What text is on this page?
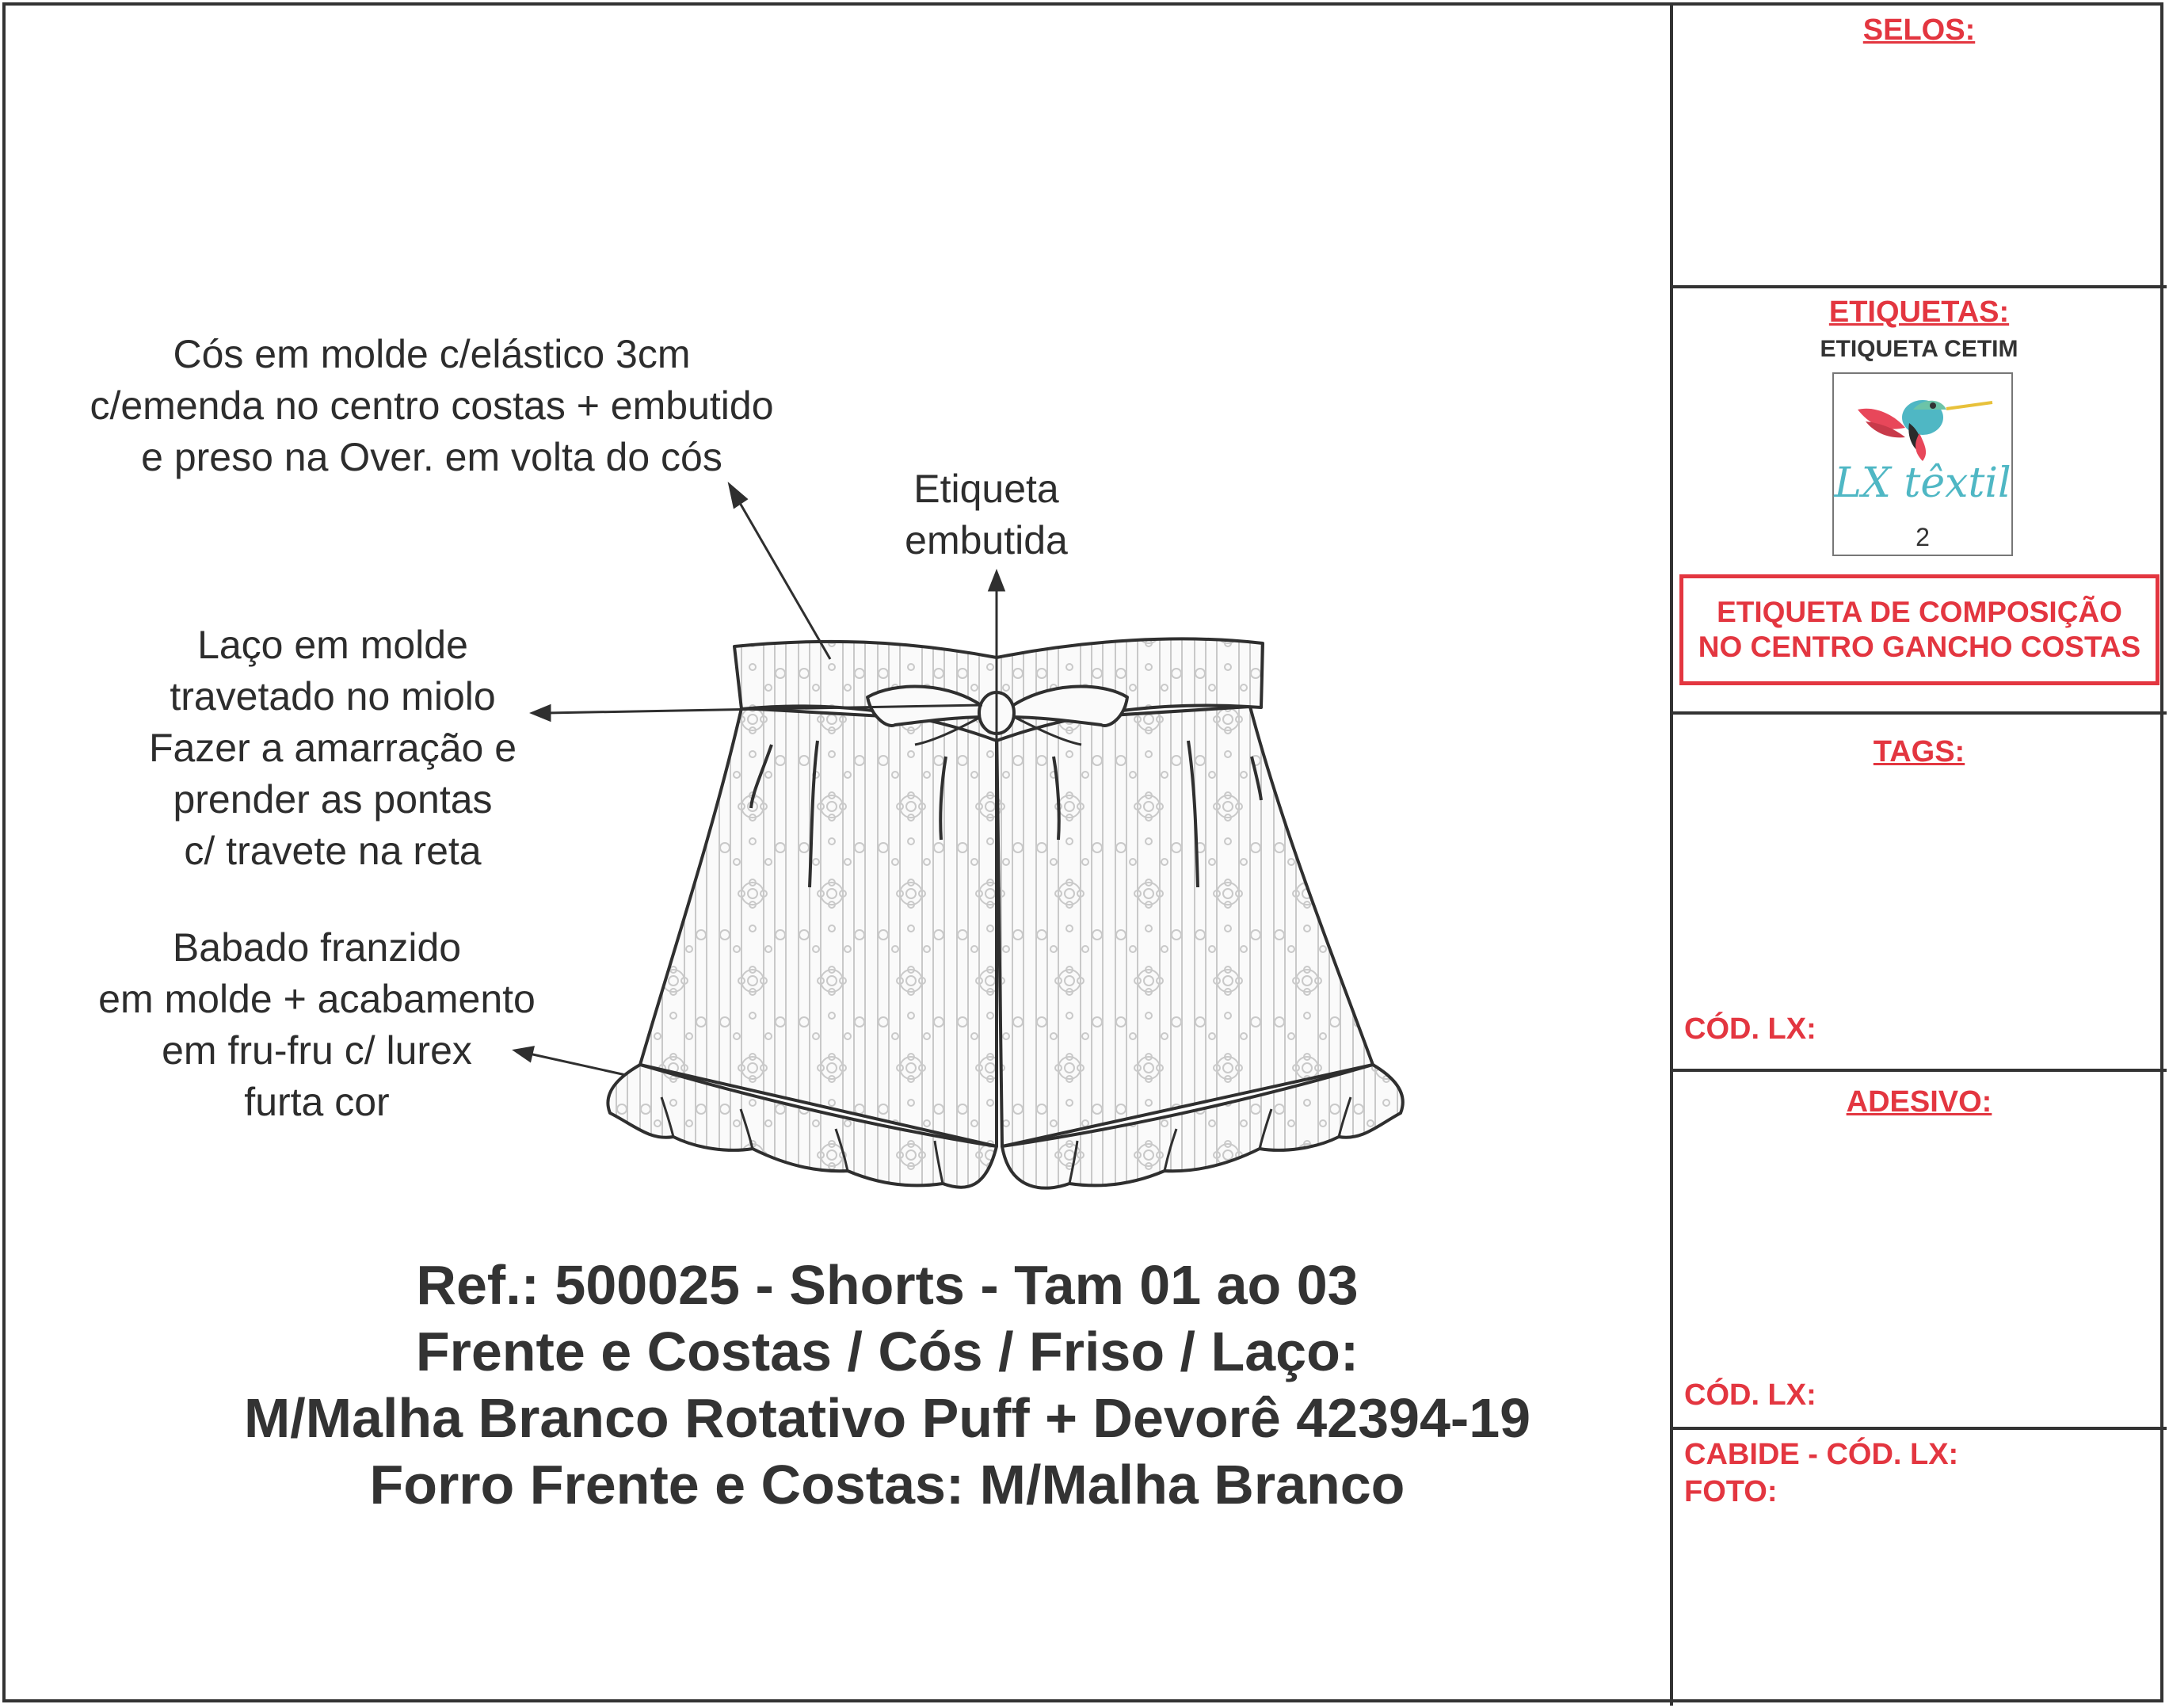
Cós em molde c/elástico 3cm
c/emenda no centro costas + embutido
e preso na Over. em volta do cós
Etiqueta
embutida
Laço em molde
travetado no miolo
Fazer a amarração e
prender as pontas
c/ travete na reta
Babado franzido
em molde + acabamento
em fru-fru c/ lurex
furta cor
Ref.: 500025 - Shorts - Tam 01 ao 03
Frente e Costas / Cós / Friso / Laço:
M/Malha Branco Rotativo Puff + Devorê 42394-19
Forro Frente e Costas: M/Malha Branco
SELOS:
ETIQUETAS:
ETIQUETA CETIM
LX têxtil
2
ETIQUETA DE COMPOSIÇÃO
NO CENTRO GANCHO COSTAS
TAGS:
CÓD. LX:
ADESIVO:
CÓD. LX:
CABIDE - CÓD. LX:
FOTO:
